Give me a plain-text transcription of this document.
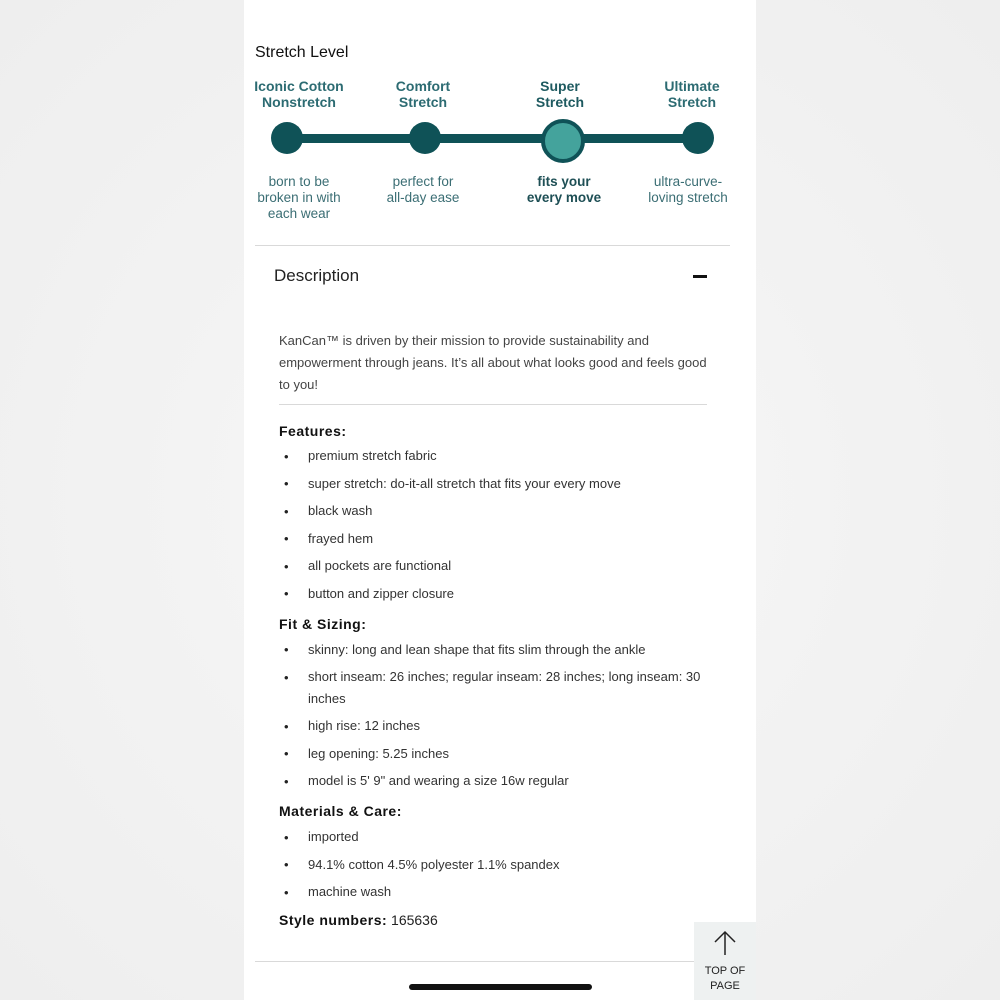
Stretch Level
Iconic Cotton
Nonstretch
Comfort
Stretch
Super
Stretch
Ultimate
Stretch
born to be
broken in with
each wear
perfect for
all-day ease
fits your
every move
ultra-curve-
loving stretch
Description
KanCan™ is driven by their mission to provide sustainability and empowerment through jeans. It’s all about what looks good and feels good to you!
Features:
• premium stretch fabric
• super stretch: do-it-all stretch that fits your every move
• black wash
• frayed hem
• all pockets are functional
• button and zipper closure
Fit & Sizing:
• skinny: long and lean shape that fits slim through the ankle
• short inseam: 26 inches; regular inseam: 28 inches; long inseam: 30 inches
• high rise: 12 inches
• leg opening: 5.25 inches
• model is 5' 9" and wearing a size 16w regular
Materials & Care:
• imported
• 94.1% cotton 4.5% polyester 1.1% spandex
• machine wash
Style numbers: 165636
TOP OF
PAGE
